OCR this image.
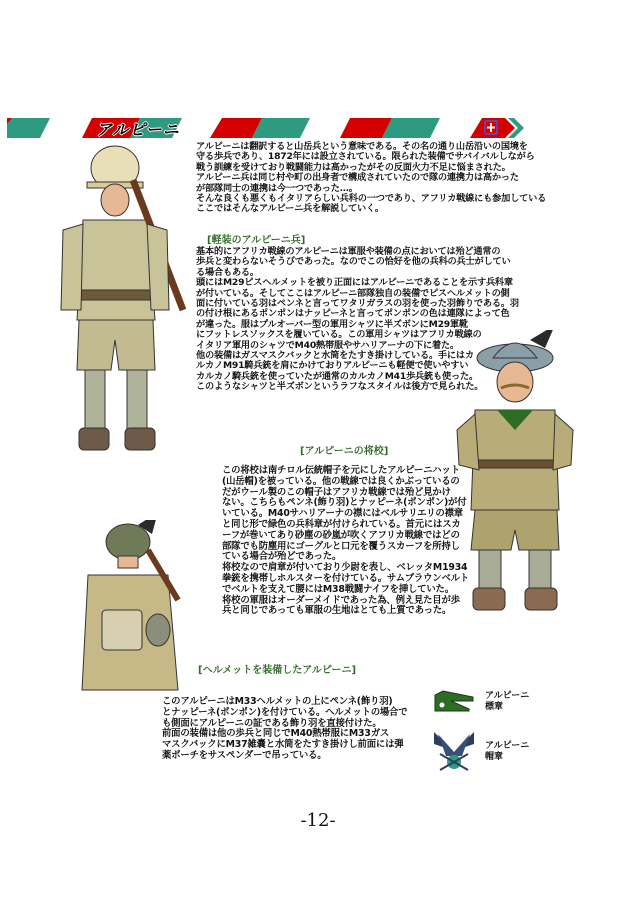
アルピーニ
アルピーニは翻訳すると山岳兵という意味である。その名の通り山岳沿いの国境を
守る歩兵であり、1872年には設立されている。限られた装備でサバイバルしながら
戦う訓練を受けており戦闘能力は高かったがその反面火力不足に悩まされた。
アルピーニ兵は同じ村や町の出身者で構成されていたので隊の連携力は高かった
が部隊同士の連携は今一つであった…。
そんな良くも悪くもイタリアらしい兵科の一つであり、アフリカ戦線にも参加している
ここではそんなアルピーニ兵を解説していく。
[軽装のアルピーニ兵]
基本的にアフリカ戦線のアルピーニは軍服や装備の点においては殆ど通常の
歩兵と変わらないそうびであった。なのでこの恰好を他の兵科の兵士がしてい
る場合もある。
頭にはM29ピスヘルメットを被り正面にはアルピーニであることを示す兵科章
が付いている。そしてここはアルピーニ部隊独自の装備でピスヘルメットの側
面に付いている羽はペンネと言ってワタリガラスの羽を使った羽飾りである。羽
の付け根にあるポンポンはナッピーネと言ってポンポンの色は連隊によって色
が違った。服はプルオーバー型の軍用シャツに半ズボンにM29軍靴
にフットレスソックスを履いている。この軍用シャツはアフリカ戦線の
イタリア軍用のシャツでM40熱帯服やサハリアーナの下に着た。
他の装備はガスマスクバックと水筒をたすき掛けしている。手にはカ
ルカノM91騎兵銃を肩にかけておりアルピーニも軽便で使いやすい
カルカノ騎兵銃を使っていたが通常のカルカノM41歩兵銃も使った。
このようなシャツと半ズボンというラフなスタイルは後方で見られた。
[アルピーニの将校]
この将校は南チロル伝統帽子を元にしたアルピーニハット
(山岳帽)を被っている。他の戦線では良くかぶっているの
だがウール製のこの帽子はアフリカ戦線では殆ど見かけ
ない。こちらもペンネ(飾り羽)とナッピーネ(ポンポン)が付
いている。M40サハリアーナの襟にはベルサリエリの襟章
と同じ形で緑色の兵科章が付けられている。首元にはスカ
ーフが巻いてあり砂塵の砂嵐が吹くアフリカ戦線ではどの
部隊でも防塵用にゴーグルと口元を覆うスカーフを所持し
ている場合が殆どであった。
将校なので肩章が付いており少尉を表し、ベレッタM1934
拳銃を携帯しホルスターを付けている。サムブラウンベルト
でベルトを支えて腰にはM38戦闘ナイフを挿していた。
将校の軍服はオーダーメイドであった為、例え見た目が歩
兵と同じであっても軍服の生地はとても上質であった。
[ヘルメットを装備したアルピーニ]
このアルピーニはM33ヘルメットの上にペンネ(飾り羽)
とナッピーネ(ポンポン)を付けている。ヘルメットの場合で
も側面にアルピーニの証である飾り羽を直接付けた。
前面の装備は他の歩兵と同じでM40熱帯服にM33ガス
マスクバックにM37雑嚢と水筒をたすき掛けし前面には弾
薬ポーチをサスペンダーで吊っている。
アルピーニ
標章
アルピーニ
帽章
-12-
